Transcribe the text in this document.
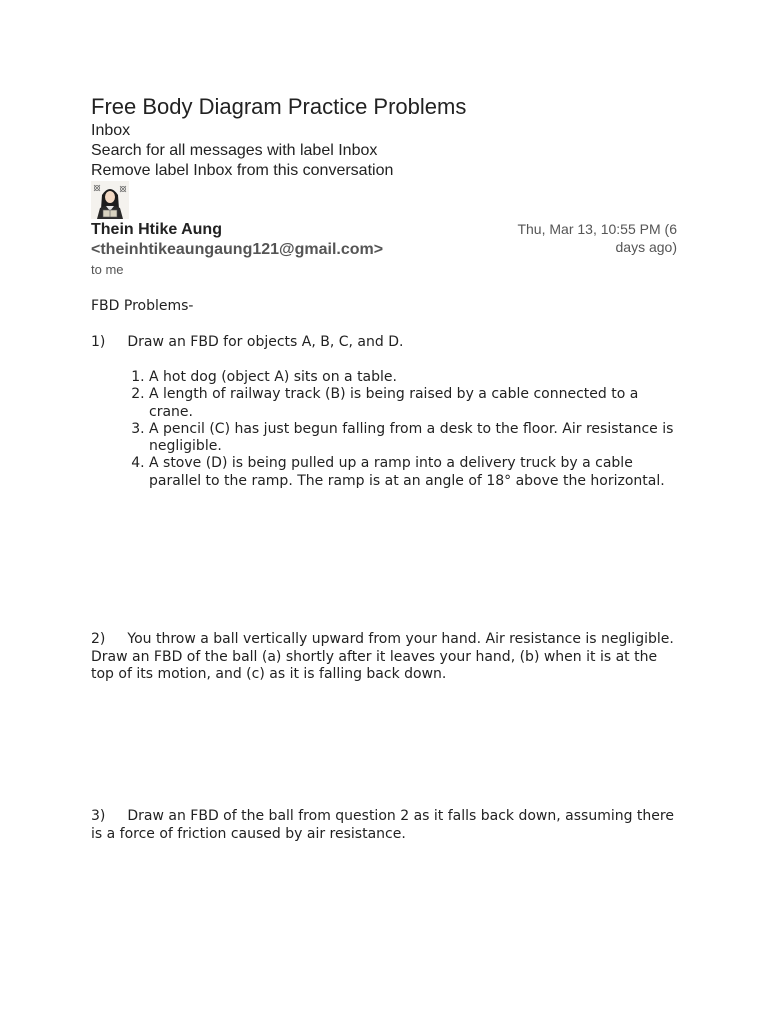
Free Body Diagram Practice Problems
Inbox
Search for all messages with label Inbox
Remove label Inbox from this conversation
Thein Htike Aung <theinhtikeaungaung121@gmail.com>
Thu, Mar 13, 10:55 PM (6 days ago)
to me

FBD Problems-

1) Draw an FBD for objects A, B, C, and D.

1. A hot dog (object A) sits on a table.
2. A length of railway track (B) is being raised by a cable connected to a crane.
3. A pencil (C) has just begun falling from a desk to the floor. Air resistance is negligible.
4. A stove (D) is being pulled up a ramp into a delivery truck by a cable parallel to the ramp. The ramp is at an angle of 18° above the horizontal.

2) You throw a ball vertically upward from your hand. Air resistance is negligible. Draw an FBD of the ball (a) shortly after it leaves your hand, (b) when it is at the top of its motion, and (c) as it is falling back down.

3) Draw an FBD of the ball from question 2 as it falls back down, assuming there is a force of friction caused by air resistance.
